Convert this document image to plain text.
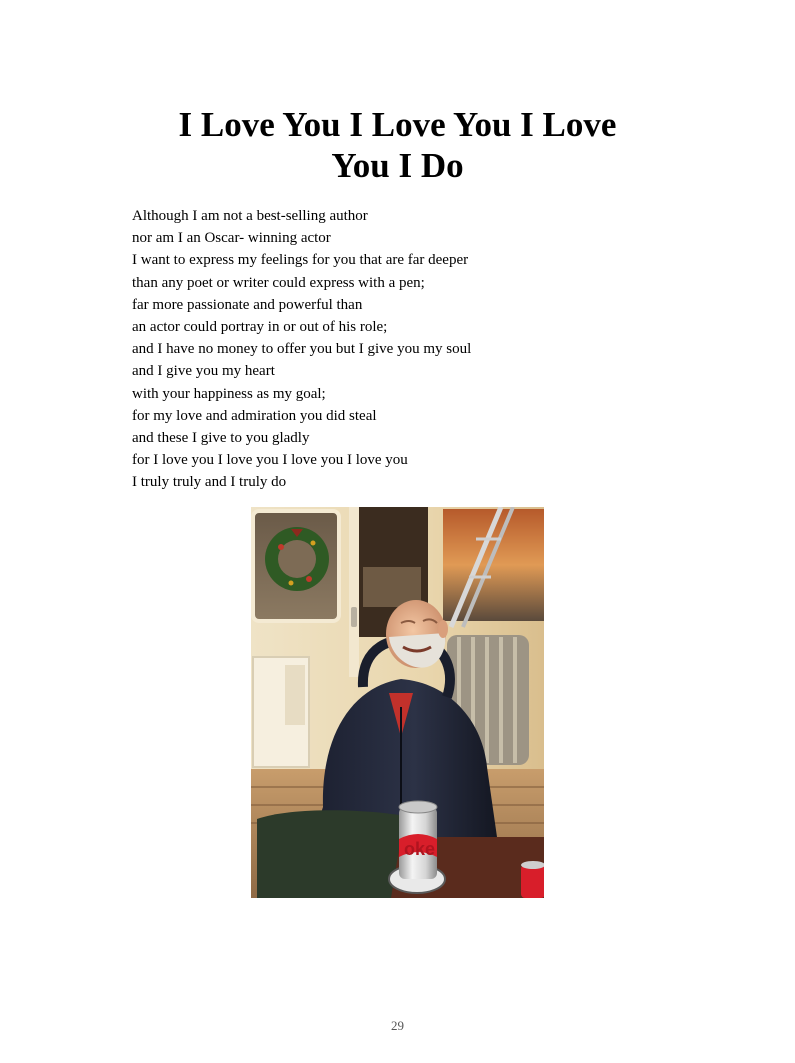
I Love You I Love You I Love
You I Do
Although I am not a best-selling author
nor am I an Oscar- winning actor
I want to express my feelings for you that are far deeper
than any poet or writer could express with a pen;
far more passionate and powerful than
an actor could portray in or out of his role;
and I have no money to offer you but I give you my soul
and I give you my heart
with your happiness as my goal;
for my love and admiration you did steal
and these I give to you gladly
for I love you I love you I love you I love you
I truly truly and I truly do
oke
29
